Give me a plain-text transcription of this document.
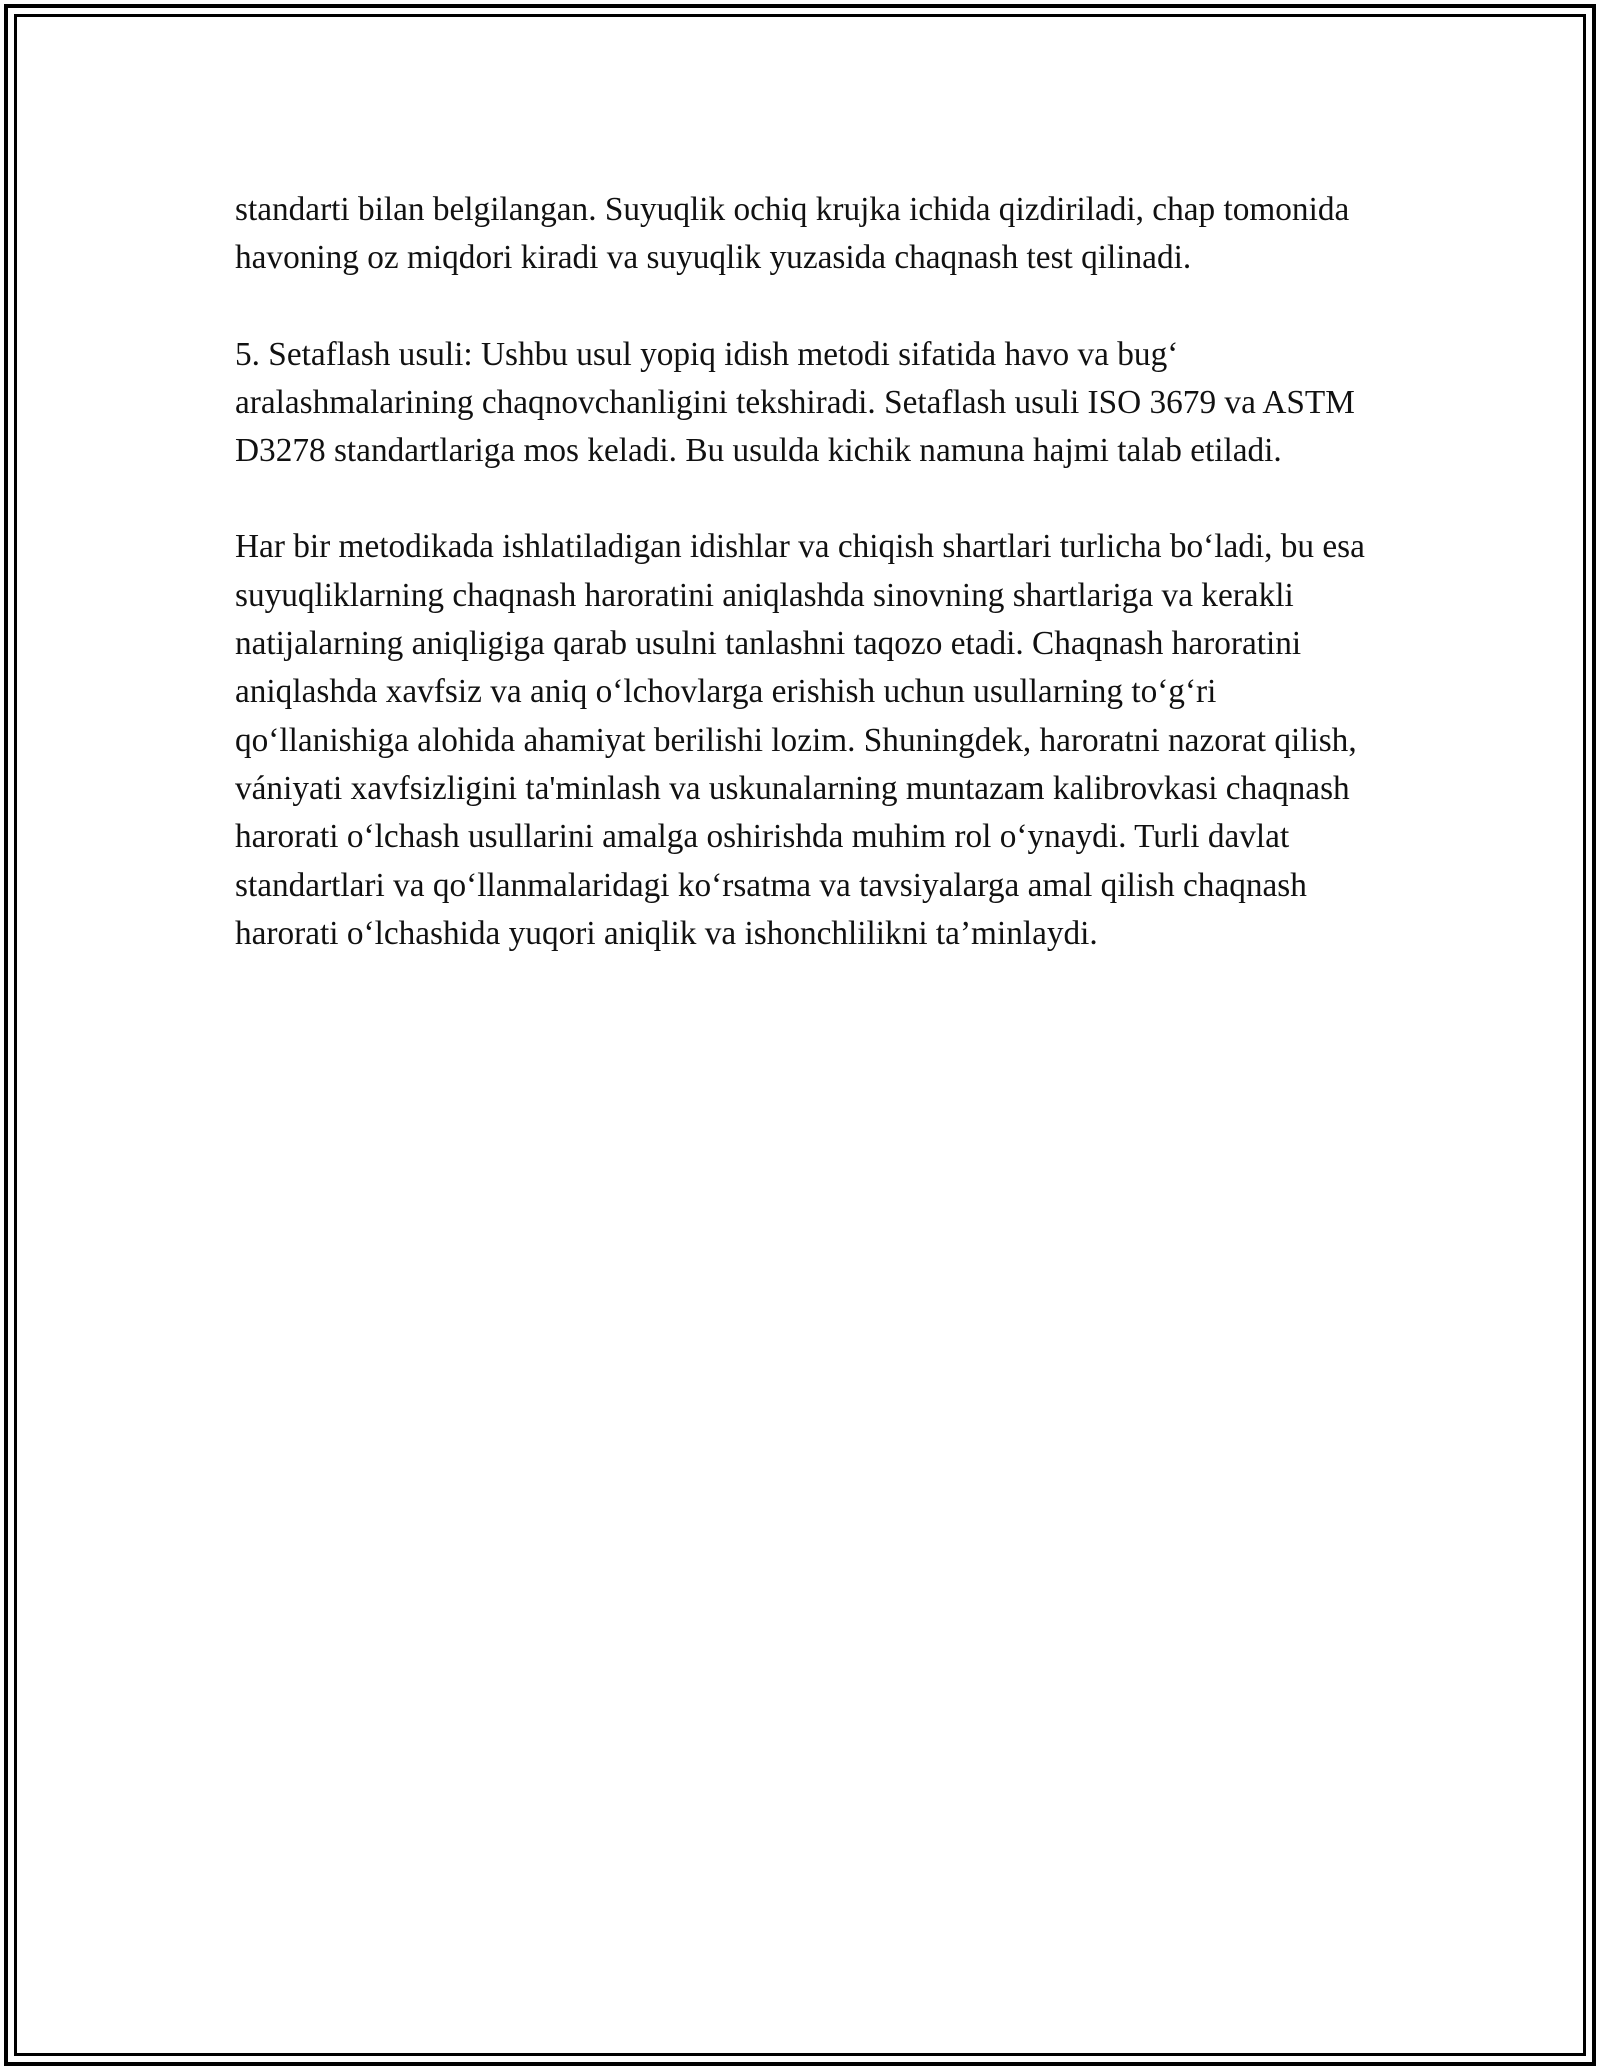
standarti bilan belgilangan. Suyuqlik ochiq krujka ichida qizdiriladi, chap tomonida havoning oz miqdori kiradi va suyuqlik yuzasida chaqnash test qilinadi.

5. Setaflash usuli: Ushbu usul yopiq idish metodi sifatida havo va bug‘ aralashmalarining chaqnovchanligini tekshiradi. Setaflash usuli ISO 3679 va ASTM D3278 standartlariga mos keladi. Bu usulda kichik namuna hajmi talab etiladi.

Har bir metodikada ishlatiladigan idishlar va chiqish shartlari turlicha bo‘ladi, bu esa suyuqliklarning chaqnash haroratini aniqlashda sinovning shartlariga va kerakli natijalarning aniqligiga qarab usulni tanlashni taqozo etadi. Chaqnash haroratini aniqlashda xavfsiz va aniq o‘lchovlarga erishish uchun usullarning to‘g‘ri qo‘llanishiga alohida ahamiyat berilishi lozim. Shuningdek, haroratni nazorat qilish, vániyati xavfsizligini ta'minlash va uskunalarning muntazam kalibrovkasi chaqnash harorati o‘lchash usullarini amalga oshirishda muhim rol o‘ynaydi. Turli davlat standartlari va qo‘llanmalaridagi ko‘rsatma va tavsiyalarga amal qilish chaqnash harorati o‘lchashida yuqori aniqlik va ishonchlilikni ta’minlaydi.
